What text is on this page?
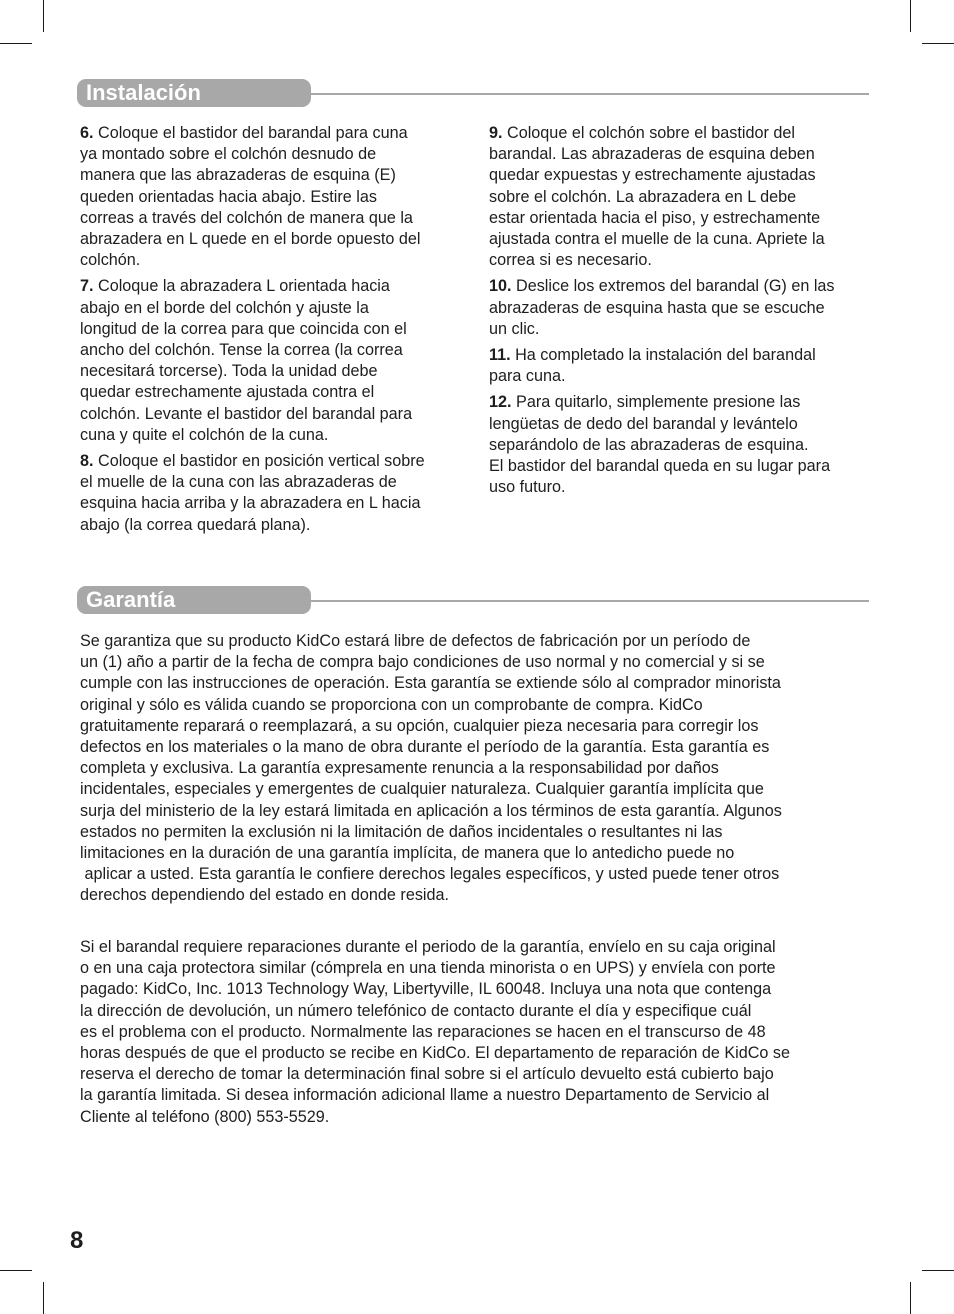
Instalación

6. Coloque el bastidor del barandal para cuna
ya montado sobre el colchón desnudo de
manera que las abrazaderas de esquina (E)
queden orientadas hacia abajo. Estire las
correas a través del colchón de manera que la
abrazadera en L quede en el borde opuesto del
colchón.

7. Coloque la abrazadera L orientada hacia
abajo en el borde del colchón y ajuste la
longitud de la correa para que coincida con el
ancho del colchón. Tense la correa (la correa
necesitará torcerse). Toda la unidad debe
quedar estrechamente ajustada contra el
colchón. Levante el bastidor del barandal para
cuna y quite el colchón de la cuna.

8. Coloque el bastidor en posición vertical sobre
el muelle de la cuna con las abrazaderas de
esquina hacia arriba y la abrazadera en L hacia
abajo (la correa quedará plana).

9. Coloque el colchón sobre el bastidor del
barandal. Las abrazaderas de esquina deben
quedar expuestas y estrechamente ajustadas
sobre el colchón. La abrazadera en L debe
estar orientada hacia el piso, y estrechamente
ajustada contra el muelle de la cuna. Apriete la
correa si es necesario.

10. Deslice los extremos del barandal (G) en las
abrazaderas de esquina hasta que se escuche
un clic.

11. Ha completado la instalación del barandal
para cuna.

12. Para quitarlo, simplemente presione las
lengüetas de dedo del barandal y levántelo
separándolo de las abrazaderas de esquina.
El bastidor del barandal queda en su lugar para
uso futuro.

Garantía
Se garantiza que su producto KidCo estará libre de defectos de fabricación por un período de
un (1) año a partir de la fecha de compra bajo condiciones de uso normal y no comercial y si se
cumple con las instrucciones de operación. Esta garantía se extiende sólo al comprador minorista
original y sólo es válida cuando se proporciona con un comprobante de compra. KidCo
gratuitamente reparará o reemplazará, a su opción, cualquier pieza necesaria para corregir los
defectos en los materiales o la mano de obra durante el período de la garantía. Esta garantía es
completa y exclusiva. La garantía expresamente renuncia a la responsabilidad por daños
incidentales, especiales y emergentes de cualquier naturaleza. Cualquier garantía implícita que
surja del ministerio de la ley estará limitada en aplicación a los términos de esta garantía. Algunos
estados no permiten la exclusión ni la limitación de daños incidentales o resultantes ni las
limitaciones en la duración de una garantía implícita, de manera que lo antedicho puede no
aplicar a usted. Esta garantía le confiere derechos legales específicos, y usted puede tener otros
derechos dependiendo del estado en donde resida.
Si el barandal requiere reparaciones durante el periodo de la garantía, envíelo en su caja original
o en una caja protectora similar (cómprela en una tienda minorista o en UPS) y envíela con porte
pagado: KidCo, Inc. 1013 Technology Way, Libertyville, IL 60048. Incluya una nota que contenga
la dirección de devolución, un número telefónico de contacto durante el día y especifique cuál
es el problema con el producto. Normalmente las reparaciones se hacen en el transcurso de 48
horas después de que el producto se recibe en KidCo. El departamento de reparación de KidCo se
reserva el derecho de tomar la determinación final sobre si el artículo devuelto está cubierto bajo
la garantía limitada. Si desea información adicional llame a nuestro Departamento de Servicio al
Cliente al teléfono (800) 553-5529.
8
